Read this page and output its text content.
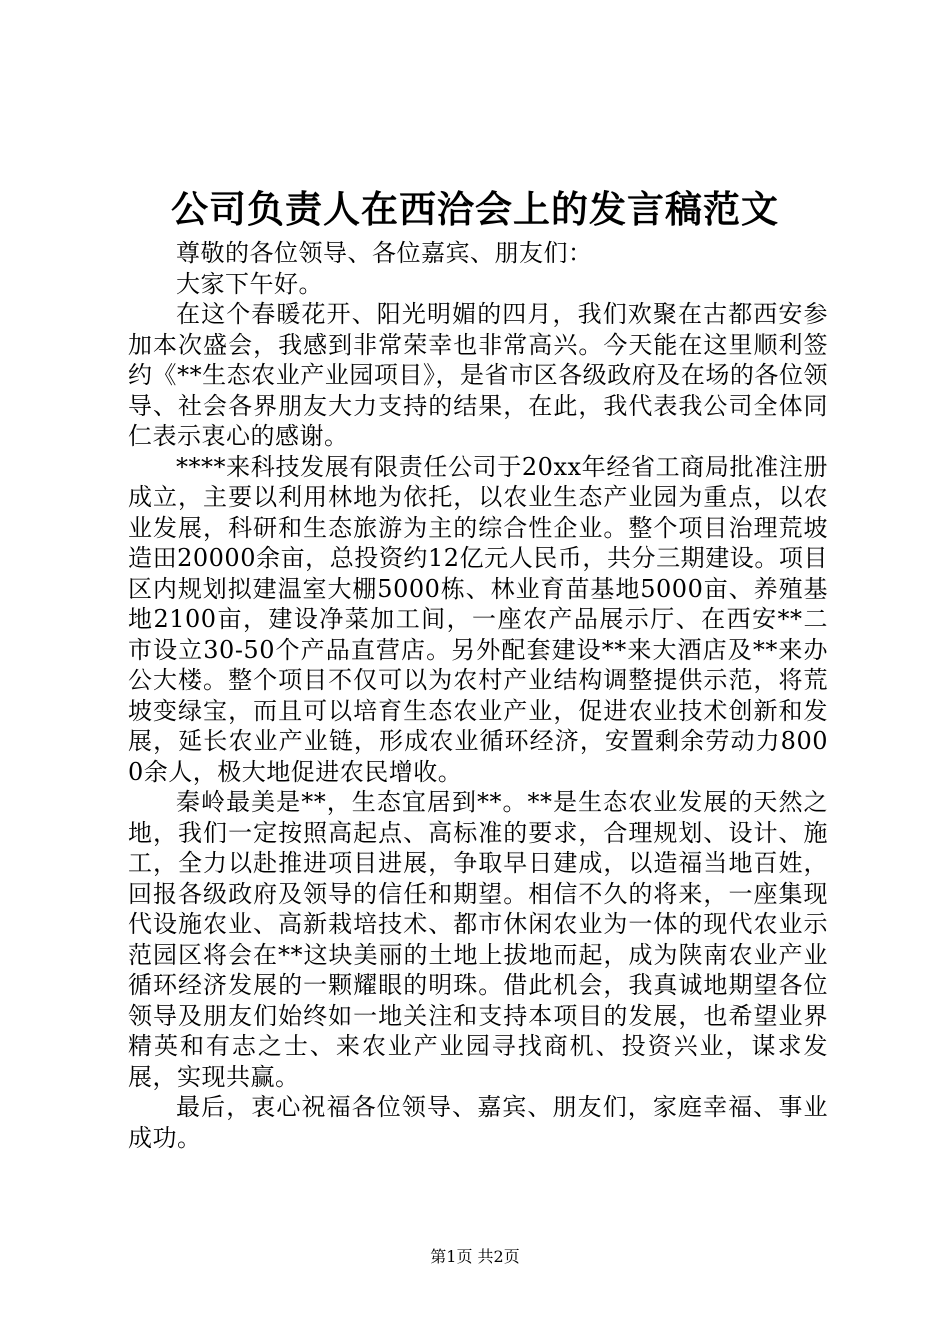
公司负责人在西洽会上的发言稿范文

尊敬的各位领导、各位嘉宾、朋友们：

大家下午好。

在这个春暖花开、阳光明媚的四月，我们欢聚在古都西安参加本次盛会，我感到非常荣幸也非常高兴。今天能在这里顺利签约《**生态农业产业园项目》，是省市区各级政府及在场的各位领导、社会各界朋友大力支持的结果，在此，我代表我公司全体同仁表示衷心的感谢。

****来科技发展有限责任公司于20xx年经省工商局批准注册成立，主要以利用林地为依托，以农业生态产业园为重点，以农业发展，科研和生态旅游为主的综合性企业。整个项目治理荒坡造田20000余亩，总投资约12亿元人民币，共分三期建设。项目区内规划拟建温室大棚5000栋、林业育苗基地5000亩、养殖基地2100亩，建设净菜加工间，一座农产品展示厅、在西安**二市设立30-50个产品直营店。另外配套建设**来大酒店及**来办公大楼。整个项目不仅可以为农村产业结构调整提供示范，将荒坡变绿宝，而且可以培育生态农业产业，促进农业技术创新和发展，延长农业产业链，形成农业循环经济，安置剩余劳动力8000余人，极大地促进农民增收。

秦岭最美是**，生态宜居到**。**是生态农业发展的天然之地，我们一定按照高起点、高标准的要求，合理规划、设计、施工，全力以赴推进项目进展，争取早日建成，以造福当地百姓，回报各级政府及领导的信任和期望。相信不久的将来，一座集现代设施农业、高新栽培技术、都市休闲农业为一体的现代农业示范园区将会在**这块美丽的土地上拔地而起，成为陕南农业产业循环经济发展的一颗耀眼的明珠。借此机会，我真诚地期望各位领导及朋友们始终如一地关注和支持本项目的发展，也希望业界精英和有志之士、来农业产业园寻找商机、投资兴业，谋求发展，实现共赢。

最后，衷心祝福各位领导、嘉宾、朋友们，家庭幸福、事业成功。

第1页 共2页
